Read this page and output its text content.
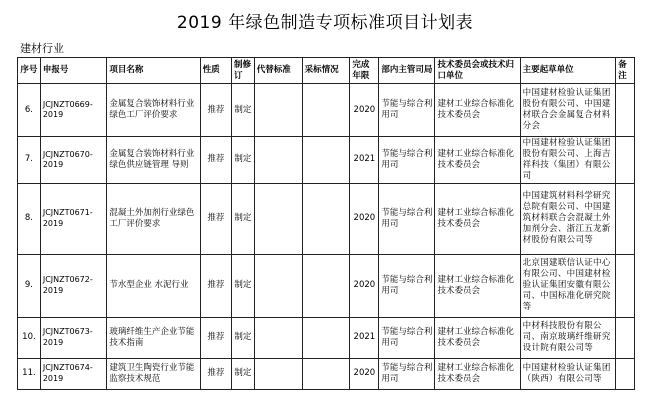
2019 年绿色制造专项标准项目计划表
建材行业
序号	申报号	项目名称	性质	制修订	代替标准	采标情况	完成年限	部内主管司局	技术委员会或技术归口单位	主要起草单位	备注
6.	JCJNZT0669-2019	金属复合装饰材料行业绿色工厂评价要求	推荐	制定			2020	节能与综合利用司	建材工业综合标准化技术委员会	中国建材检验认证集团股份有限公司、中国建材联合会金属复合材料分会	
7.	JCJNZT0670-2019	金属复合装饰材料行业绿色供应链管理 导则	推荐	制定			2021	节能与综合利用司	建材工业综合标准化技术委员会	中国建材检验认证集团股份有限公司、上海吉祥科技（集团）有限公司	
8.	JCJNZT0671-2019	混凝土外加剂行业绿色工厂评价要求	推荐	制定			2020	节能与综合利用司	建材工业综合标准化技术委员会	中国建筑材料科学研究总院有限公司、中国建筑材料联合会混凝土外加剂分会、浙江五龙新材股份有限公司等	
9.	JCJNZT0672-2019	节水型企业 水泥行业	推荐	制定			2020	节能与综合利用司	建材工业综合标准化技术委员会	北京国建联信认证中心有限公司、中国建材检验认证集团安徽有限公司、中国标准化研究院等	
10.	JCJNZT0673-2019	玻璃纤维生产企业节能技术指南	推荐	制定			2021	节能与综合利用司	建材工业综合标准化技术委员会	中材科技股份有限公司、南京玻璃纤维研究设计院有限公司等	
11.	JCJNZT0674-2019	建筑卫生陶瓷行业节能监察技术规范	推荐	制定			2020	节能与综合利用司	建材工业综合标准化技术委员会	中国建材检验认证集团（陕西）有限公司等	
